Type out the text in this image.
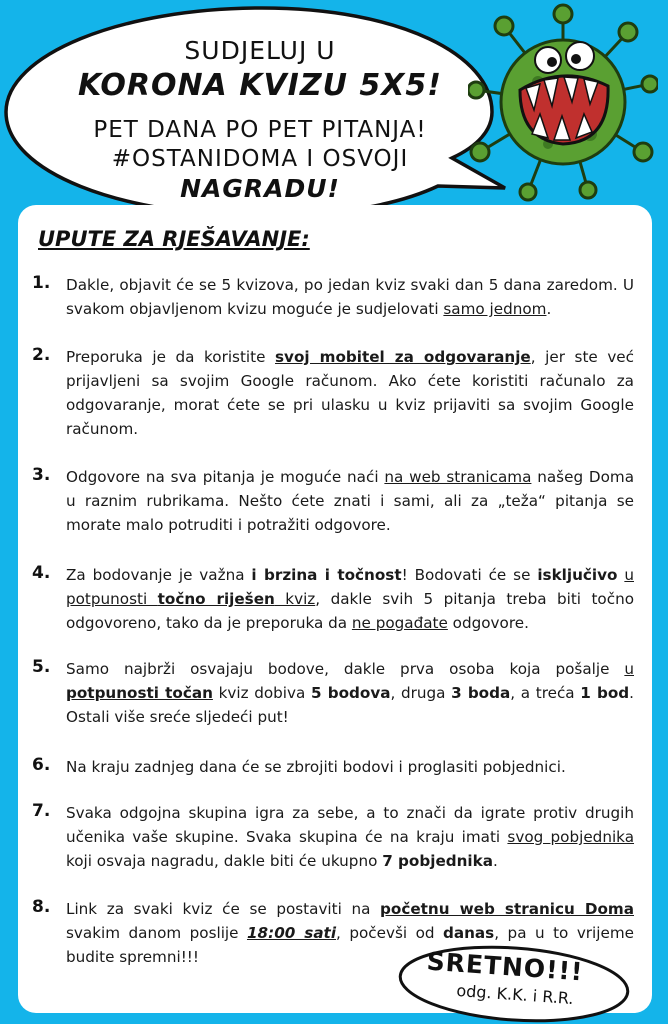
SUDJELUJ U
KORONA KVIZU 5X5!
PET DANA PO PET PITANJA!
#OSTANIDOMA I OSVOJI
NAGRADU!
UPUTE ZA RJEŠAVANJE:
1.	Dakle, objavit će se 5 kvizova, po jedan kviz svaki dan 5 dana zaredom. U svakom objavljenom kvizu moguće je sudjelovati samo jednom.
2.	Preporuka je da koristite svoj mobitel za odgovaranje, jer ste već prijavljeni sa svojim Google računom. Ako ćete koristiti računalo za odgovaranje, morat ćete se pri ulasku u kviz prijaviti sa svojim Google računom.
3.	Odgovore na sva pitanja je moguće naći na web stranicama našeg Doma u raznim rubrikama. Nešto ćete znati i sami, ali za „teža“ pitanja se morate malo potruditi i potražiti odgovore.
4.	Za bodovanje je važna i brzina i točnost! Bodovati će se isključivo u potpunosti točno riješen kviz, dakle svih 5 pitanja treba biti točno odgovoreno, tako da je preporuka da ne pogađate odgovore.
5.	Samo najbrži osvajaju bodove, dakle prva osoba koja pošalje u potpunosti točan kviz dobiva 5 bodova, druga 3 boda, a treća 1 bod. Ostali više sreće sljedeći put!
6.	Na kraju zadnjeg dana će se zbrojiti bodovi i proglasiti pobjednici.
7.	Svaka odgojna skupina igra za sebe, a to znači da igrate protiv drugih učenika vaše skupine. Svaka skupina će na kraju imati svog pobjednika koji osvaja nagradu, dakle biti će ukupno 7 pobjednika.
8.	Link za svaki kviz će se postaviti na početnu web stranicu Doma svakim danom poslije 18:00 sati, počevši od danas, pa u to vrijeme budite spremni!!!	SRETNO!!!
odg. K.K. i R.R.
